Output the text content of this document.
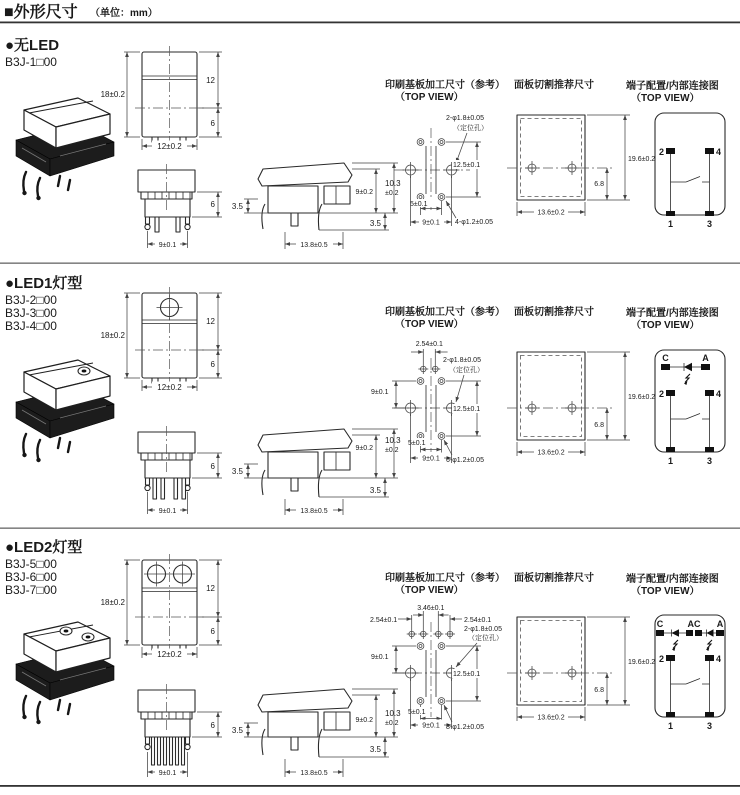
■外形尺寸 （单位：mm）
●无LED
B3J-1□00
印刷基板加工尺寸（参考）
（TOP VIEW）
面板切割推荐尺寸	端子配置/内部连接图
（TOP VIEW）
18±0.2
12
6
12±0.2
6
9±0.1
3.5
9±0.2
10.3
±0.2
3.5
13.8±0.5
2-φ1.8±0.05
（定位孔）
12.5±0.1
5±0.1
9±0.1 4-φ1.2±0.05
19.6±0.2
6.8
13.6±0.2
2	4
1	3
●LED1灯型
B3J-2□00
B3J-3□00
B3J-4□00
印刷基板加工尺寸（参考）
（TOP VIEW）
面板切割推荐尺寸	端子配置/内部连接图
（TOP VIEW）
18±0.2
12
6
12±0.2
6
9±0.1
3.5
9±0.2
10.3
±0.2
3.5
13.8±0.5
2.54±0.1
2-φ1.8±0.05
（定位孔）
9±0.1
12.5±0.1
5±0.1
9±0.1 6-φ1.2±0.05
19.6±0.2
6.8
13.6±0.2
C	A
2	4
1	3
●LED2灯型
B3J-5□00
B3J-6□00
B3J-7□00
印刷基板加工尺寸（参考）
（TOP VIEW）
面板切割推荐尺寸	端子配置/内部连接图
（TOP VIEW）
18±0.2
12
6
12±0.2
6
9±0.1
3.5
9±0.2
10.3
±0.2
3.5
13.8±0.5
3.46±0.1
2.54±0.1	2.54±0.1
2-φ1.8±0.05
（定位孔）
9±0.1
12.5±0.1
5±0.1
9±0.1 8-φ1.2±0.05
19.6±0.2
6.8
13.6±0.2
C	AC A
2	4
1	3
